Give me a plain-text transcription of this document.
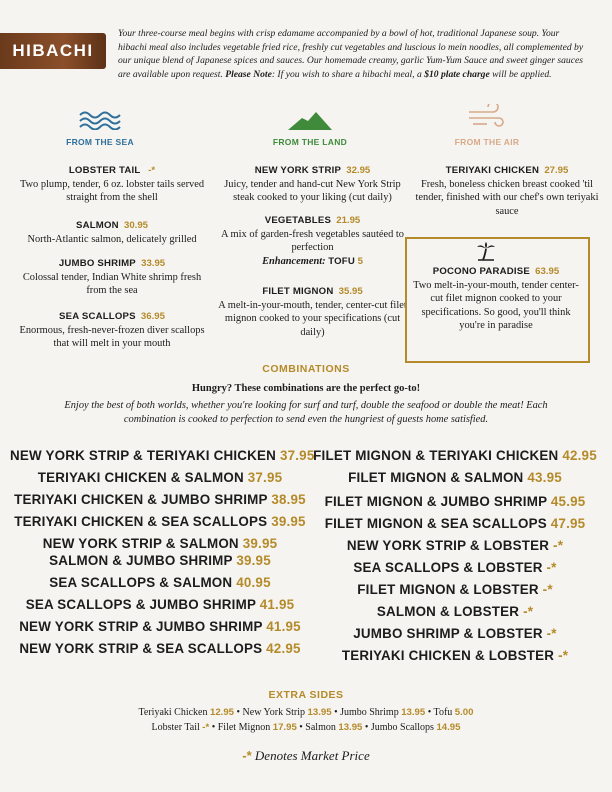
HIBACHI
Your three-course meal begins with crisp edamame accompanied by a bowl of hot, traditional Japanese soup. Your hibachi meal also includes vegetable fried rice, freshly cut vegetables and luscious lo mein noodles, all complemented by our unique blend of Japanese spices and sauces. Our homemade creamy, garlic Yum-Yum Sauce and sweet ginger sauces are available upon request. Please Note: If you wish to share a hibachi meal, a $10 plate charge will be applied.
FROM THE SEA	FROM THE LAND	FROM THE AIR
LOBSTER TAIL -*
Two plump, tender, 6 oz. lobster tails served straight from the shell
SALMON 30.95
North-Atlantic salmon, delicately grilled
JUMBO SHRIMP 33.95
Colossal tender, Indian White shrimp fresh from the sea
SEA SCALLOPS 36.95
Enormous, fresh-never-frozen diver scallops that will melt in your mouth
NEW YORK STRIP 32.95
Juicy, tender and hand-cut New York Strip steak cooked to your liking (cut daily)
VEGETABLES 21.95
A mix of garden-fresh vegetables sautéed to perfection
Enhancement: TOFU 5
FILET MIGNON 35.95
A melt-in-your-mouth, tender, center-cut filet mignon cooked to your specifications (cut daily)
TERIYAKI CHICKEN 27.95
Fresh, boneless chicken breast cooked 'til tender, finished with our chef's own teriyaki sauce
POCONO PARADISE 63.95
Two melt-in-your-mouth, tender center-cut filet mignon cooked to your specifications. So good, you'll think you're in paradise
COMBINATIONS
Hungry? These combinations are the perfect go-to!
Enjoy the best of both worlds, whether you're looking for surf and turf, double the seafood or double the meat! Each combination is cooked to perfection to send even the hungriest of guests home satisfied.
NEW YORK STRIP & TERIYAKI CHICKEN 37.95
TERIYAKI CHICKEN & SALMON 37.95
TERIYAKI CHICKEN & JUMBO SHRIMP 38.95
TERIYAKI CHICKEN & SEA SCALLOPS 39.95
NEW YORK STRIP & SALMON 39.95
SALMON & JUMBO SHRIMP 39.95
SEA SCALLOPS & SALMON 40.95
SEA SCALLOPS & JUMBO SHRIMP 41.95
NEW YORK STRIP & JUMBO SHRIMP 41.95
NEW YORK STRIP & SEA SCALLOPS 42.95
FILET MIGNON & TERIYAKI CHICKEN 42.95
FILET MIGNON & SALMON 43.95
FILET MIGNON & JUMBO SHRIMP 45.95
FILET MIGNON & SEA SCALLOPS 47.95
NEW YORK STRIP & LOBSTER -*
SEA SCALLOPS & LOBSTER -*
FILET MIGNON & LOBSTER -*
SALMON & LOBSTER -*
JUMBO SHRIMP & LOBSTER -*
TERIYAKI CHICKEN & LOBSTER -*
EXTRA SIDES
Teriyaki Chicken 12.95 • New York Strip 13.95 • Jumbo Shrimp 13.95 • Tofu 5.00
Lobster Tail -* • Filet Mignon 17.95 • Salmon 13.95 • Jumbo Scallops 14.95
-* Denotes Market Price
